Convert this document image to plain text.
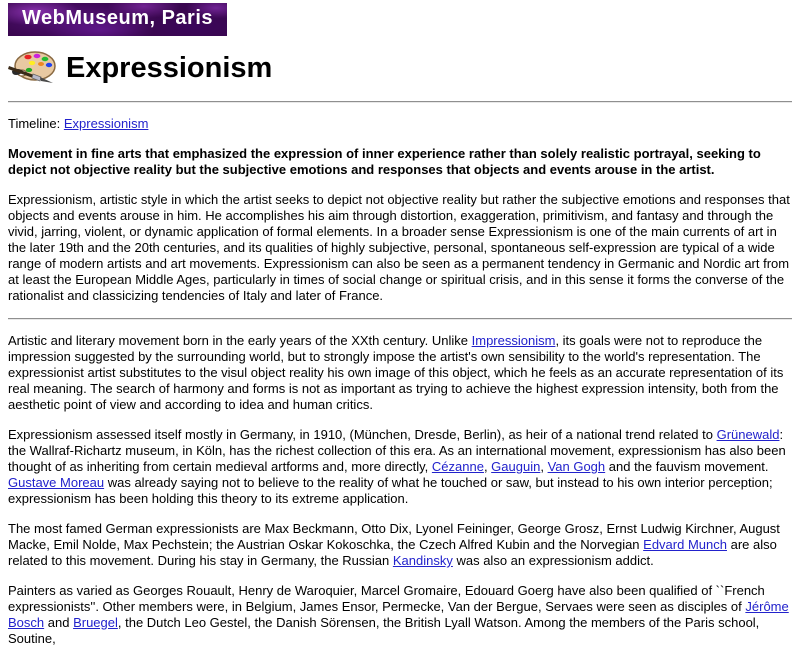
WebMuseum, Paris
Expressionism

Timeline: Expressionism

Movement in fine arts that emphasized the expression of inner experience rather than solely realistic portrayal, seeking to depict not objective reality but the subjective emotions and responses that objects and events arouse in the artist.

Expressionism, artistic style in which the artist seeks to depict not objective reality but rather the subjective emotions and responses that objects and events arouse in him. He accomplishes his aim through distortion, exaggeration, primitivism, and fantasy and through the vivid, jarring, violent, or dynamic application of formal elements. In a broader sense Expressionism is one of the main currents of art in the later 19th and the 20th centuries, and its qualities of highly subjective, personal, spontaneous self-expression are typical of a wide range of modern artists and art movements. Expressionism can also be seen as a permanent tendency in Germanic and Nordic art from at least the European Middle Ages, particularly in times of social change or spiritual crisis, and in this sense it forms the converse of the rationalist and classicizing tendencies of Italy and later of France.

Artistic and literary movement born in the early years of the XXth century. Unlike Impressionism, its goals were not to reproduce the impression suggested by the surrounding world, but to strongly impose the artist's own sensibility to the world's representation. The expressionist artist substitutes to the visul object reality his own image of this object, which he feels as an accurate representation of its real meaning. The search of harmony and forms is not as important as trying to achieve the highest expression intensity, both from the aesthetic point of view and according to idea and human critics.

Expressionism assessed itself mostly in Germany, in 1910, (München, Dresde, Berlin), as heir of a national trend related to Grünewald: the Wallraf-Richartz museum, in Köln, has the richest collection of this era. As an international movement, expressionism has also been thought of as inheriting from certain medieval artforms and, more directly, Cézanne, Gauguin, Van Gogh and the fauvism movement. Gustave Moreau was already saying not to believe to the reality of what he touched or saw, but instead to his own interior perception; expressionism has been holding this theory to its extreme application.

The most famed German expressionists are Max Beckmann, Otto Dix, Lyonel Feininger, George Grosz, Ernst Ludwig Kirchner, August Macke, Emil Nolde, Max Pechstein; the Austrian Oskar Kokoschka, the Czech Alfred Kubin and the Norvegian Edvard Munch are also related to this movement. During his stay in Germany, the Russian Kandinsky was also an expressionism addict.

Painters as varied as Georges Rouault, Henry de Waroquier, Marcel Gromaire, Edouard Goerg have also been qualified of ``French expressionists''. Other members were, in Belgium, James Ensor, Permecke, Van der Bergue, Servaes were seen as disciples of Jérôme Bosch and Bruegel, the Dutch Leo Gestel, the Danish Sörensen, the British Lyall Watson. Among the members of the Paris school, Soutine,
